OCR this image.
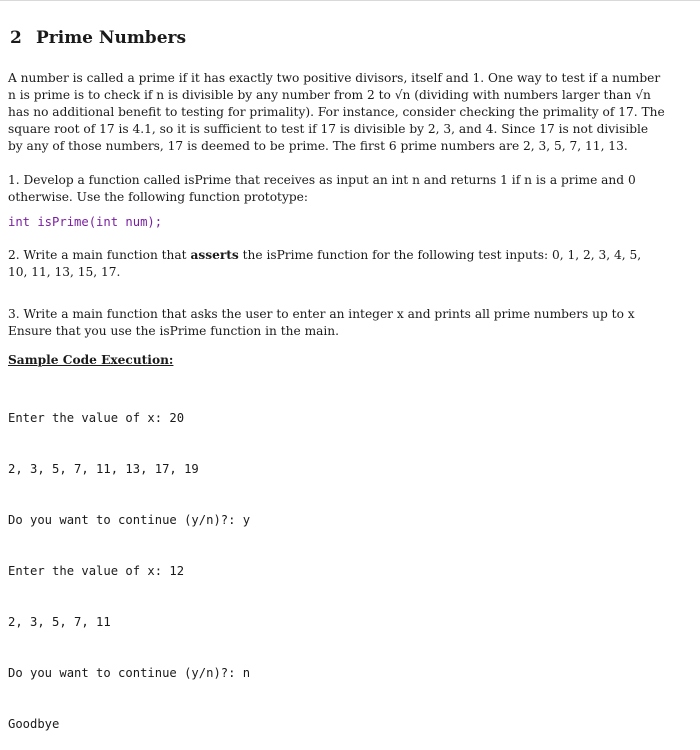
2 Prime Numbers
A number is called a prime if it has exactly two positive divisors, itself and 1. One way to test if a number
n is prime is to check if n is divisible by any number from 2 to √n (dividing with numbers larger than √n
has no additional benefit to testing for primality). For instance, consider checking the primality of 17. The
square root of 17 is 4.1, so it is sufficient to test if 17 is divisible by 2, 3, and 4. Since 17 is not divisible
by any of those numbers, 17 is deemed to be prime. The first 6 prime numbers are 2, 3, 5, 7, 11, 13.
1. Develop a function called isPrime that receives as input an int n and returns 1 if n is a prime and 0
otherwise. Use the following function prototype:
int isPrime(int num);
2. Write a main function that asserts the isPrime function for the following test inputs: 0, 1, 2, 3, 4, 5,
10, 11, 13, 15, 17.
3. Write a main function that asks the user to enter an integer x and prints all prime numbers up to x
Ensure that you use the isPrime function in the main.
Sample Code Execution:

Enter the value of x: 20

2, 3, 5, 7, 11, 13, 17, 19

Do you want to continue (y/n)?: y

Enter the value of x: 12

2, 3, 5, 7, 11

Do you want to continue (y/n)?: n

Goodbye
